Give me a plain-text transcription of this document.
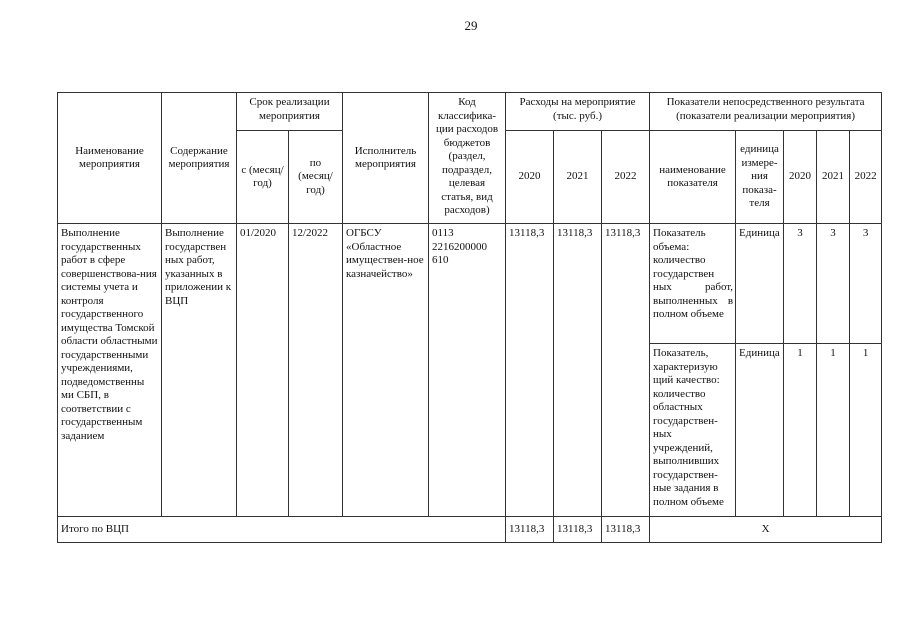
29
Наименование мероприятия	Содержание мероприятия	Срок реализации мероприятия		Исполнитель мероприятия	Код классифика-ции расходов бюджетов (раздел, подраздел, целевая статья, вид расходов)	Расходы на мероприятие (тыс. руб.)			Показатели непосредственного результата (показатели реализации мероприятия)				
		с (месяц/год)	по (месяц/год)			2020	2021	2022	наименование показателя	единица измере-ния показа-теля	2020	2021	2022
Выполнение государственных работ в сфере совершенствова-ния системы учета и контроля государственного имущества Томской области областными государственными учреждениями, подведомственны ми СБП, в соответствии с государственным заданием	Выполнение государствен ных работ, указанных в приложении к ВЦП	01/2020	12/2022	ОГБСУ «Областное имуществен-ное казначейство»	0113 2216200000 610	13118,3	13118,3	13118,3	Показатель объема: количество государствен ных работ, выполненных в полном объеме	Единица	3	3	3
									Показатель, характеризую щий качество: количество областных государствен-ных учреждений, выполнивших государствен-ные задания в полном объеме	Единица	1	1	1
Итого по ВЦП						13118,3	13118,3	13118,3	Х				
